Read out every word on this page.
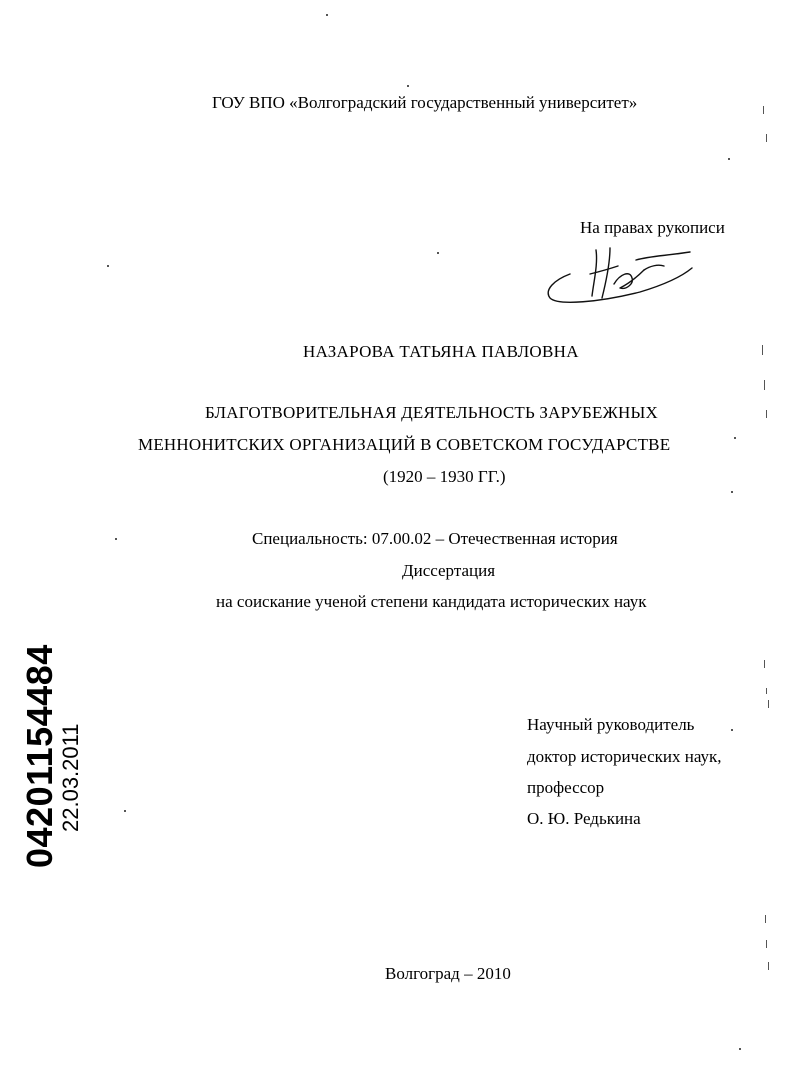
ГОУ ВПО «Волгоградский государственный университет»
На правах рукописи
НАЗАРОВА ТАТЬЯНА ПАВЛОВНА
БЛАГОТВОРИТЕЛЬНАЯ ДЕЯТЕЛЬНОСТЬ ЗАРУБЕЖНЫХ
МЕННОНИТСКИХ ОРГАНИЗАЦИЙ В СОВЕТСКОМ ГОСУДАРСТВЕ
(1920 – 1930 ГГ.)
Специальность: 07.00.02 – Отечественная история
Диссертация
на соискание ученой степени кандидата исторических наук
Научный руководитель
доктор исторических наук,
профессор
О. Ю. Редькина
Волгоград – 2010
04201154484
22.03.2011
